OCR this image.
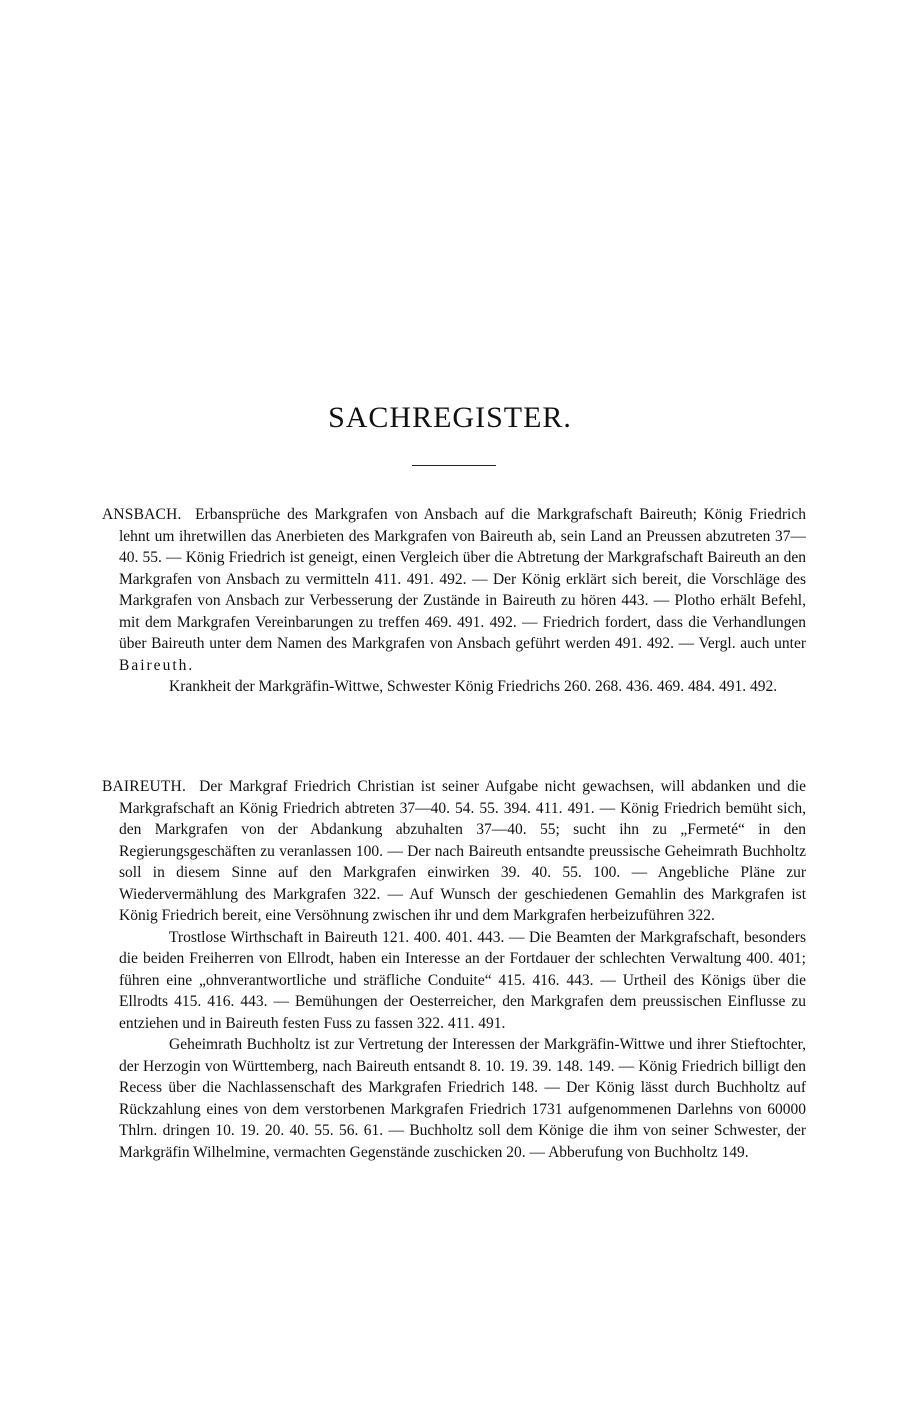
SACHREGISTER.

ANSBACH. Erbansprüche des Markgrafen von Ansbach auf die Markgrafschaft Baireuth; König Friedrich lehnt um ihretwillen das Anerbieten des Markgrafen von Baireuth ab, sein Land an Preussen abzutreten 37—40. 55. — König Friedrich ist geneigt, einen Vergleich über die Abtretung der Markgrafschaft Baireuth an den Markgrafen von Ansbach zu vermitteln 411. 491. 492. — Der König erklärt sich bereit, die Vorschläge des Markgrafen von Ansbach zur Verbesserung der Zustände in Baireuth zu hören 443. — Plotho erhält Befehl, mit dem Markgrafen Vereinbarungen zu treffen 469. 491. 492. — Friedrich fordert, dass die Verhandlungen über Baireuth unter dem Namen des Markgrafen von Ansbach geführt werden 491. 492. — Vergl. auch unter Baireuth.

Krankheit der Markgräfin-Wittwe, Schwester König Friedrichs 260. 268. 436. 469. 484. 491. 492.

BAIREUTH. Der Markgraf Friedrich Christian ist seiner Aufgabe nicht gewachsen, will abdanken und die Markgrafschaft an König Friedrich abtreten 37—40. 54. 55. 394. 411. 491. — König Friedrich bemüht sich, den Markgrafen von der Abdankung abzuhalten 37—40. 55; sucht ihn zu „Fermeté“ in den Regierungsgeschäften zu veranlassen 100. — Der nach Baireuth entsandte preussische Geheimrath Buchholtz soll in diesem Sinne auf den Markgrafen einwirken 39. 40. 55. 100. — Angebliche Pläne zur Wiedervermählung des Markgrafen 322. — Auf Wunsch der geschiedenen Gemahlin des Markgrafen ist König Friedrich bereit, eine Versöhnung zwischen ihr und dem Markgrafen herbeizuführen 322.

Trostlose Wirthschaft in Baireuth 121. 400. 401. 443. — Die Beamten der Markgrafschaft, besonders die beiden Freiherren von Ellrodt, haben ein Interesse an der Fortdauer der schlechten Verwaltung 400. 401; führen eine „ohnverantwortliche und sträfliche Conduite“ 415. 416. 443. — Urtheil des Königs über die Ellrodts 415. 416. 443. — Bemühungen der Oesterreicher, den Markgrafen dem preussischen Einflusse zu entziehen und in Baireuth festen Fuss zu fassen 322. 411. 491.

Geheimrath Buchholtz ist zur Vertretung der Interessen der Markgräfin-Wittwe und ihrer Stieftochter, der Herzogin von Württemberg, nach Baireuth entsandt 8. 10. 19. 39. 148. 149. — König Friedrich billigt den Recess über die Nachlassenschaft des Markgrafen Friedrich 148. — Der König lässt durch Buchholtz auf Rückzahlung eines von dem verstorbenen Markgrafen Friedrich 1731 aufgenommenen Darlehns von 60000 Thlrn. dringen 10. 19. 20. 40. 55. 56. 61. — Buchholtz soll dem Könige die ihm von seiner Schwester, der Markgräfin Wilhelmine, vermachten Gegenstände zuschicken 20. — Abberufung von Buchholtz 149.
